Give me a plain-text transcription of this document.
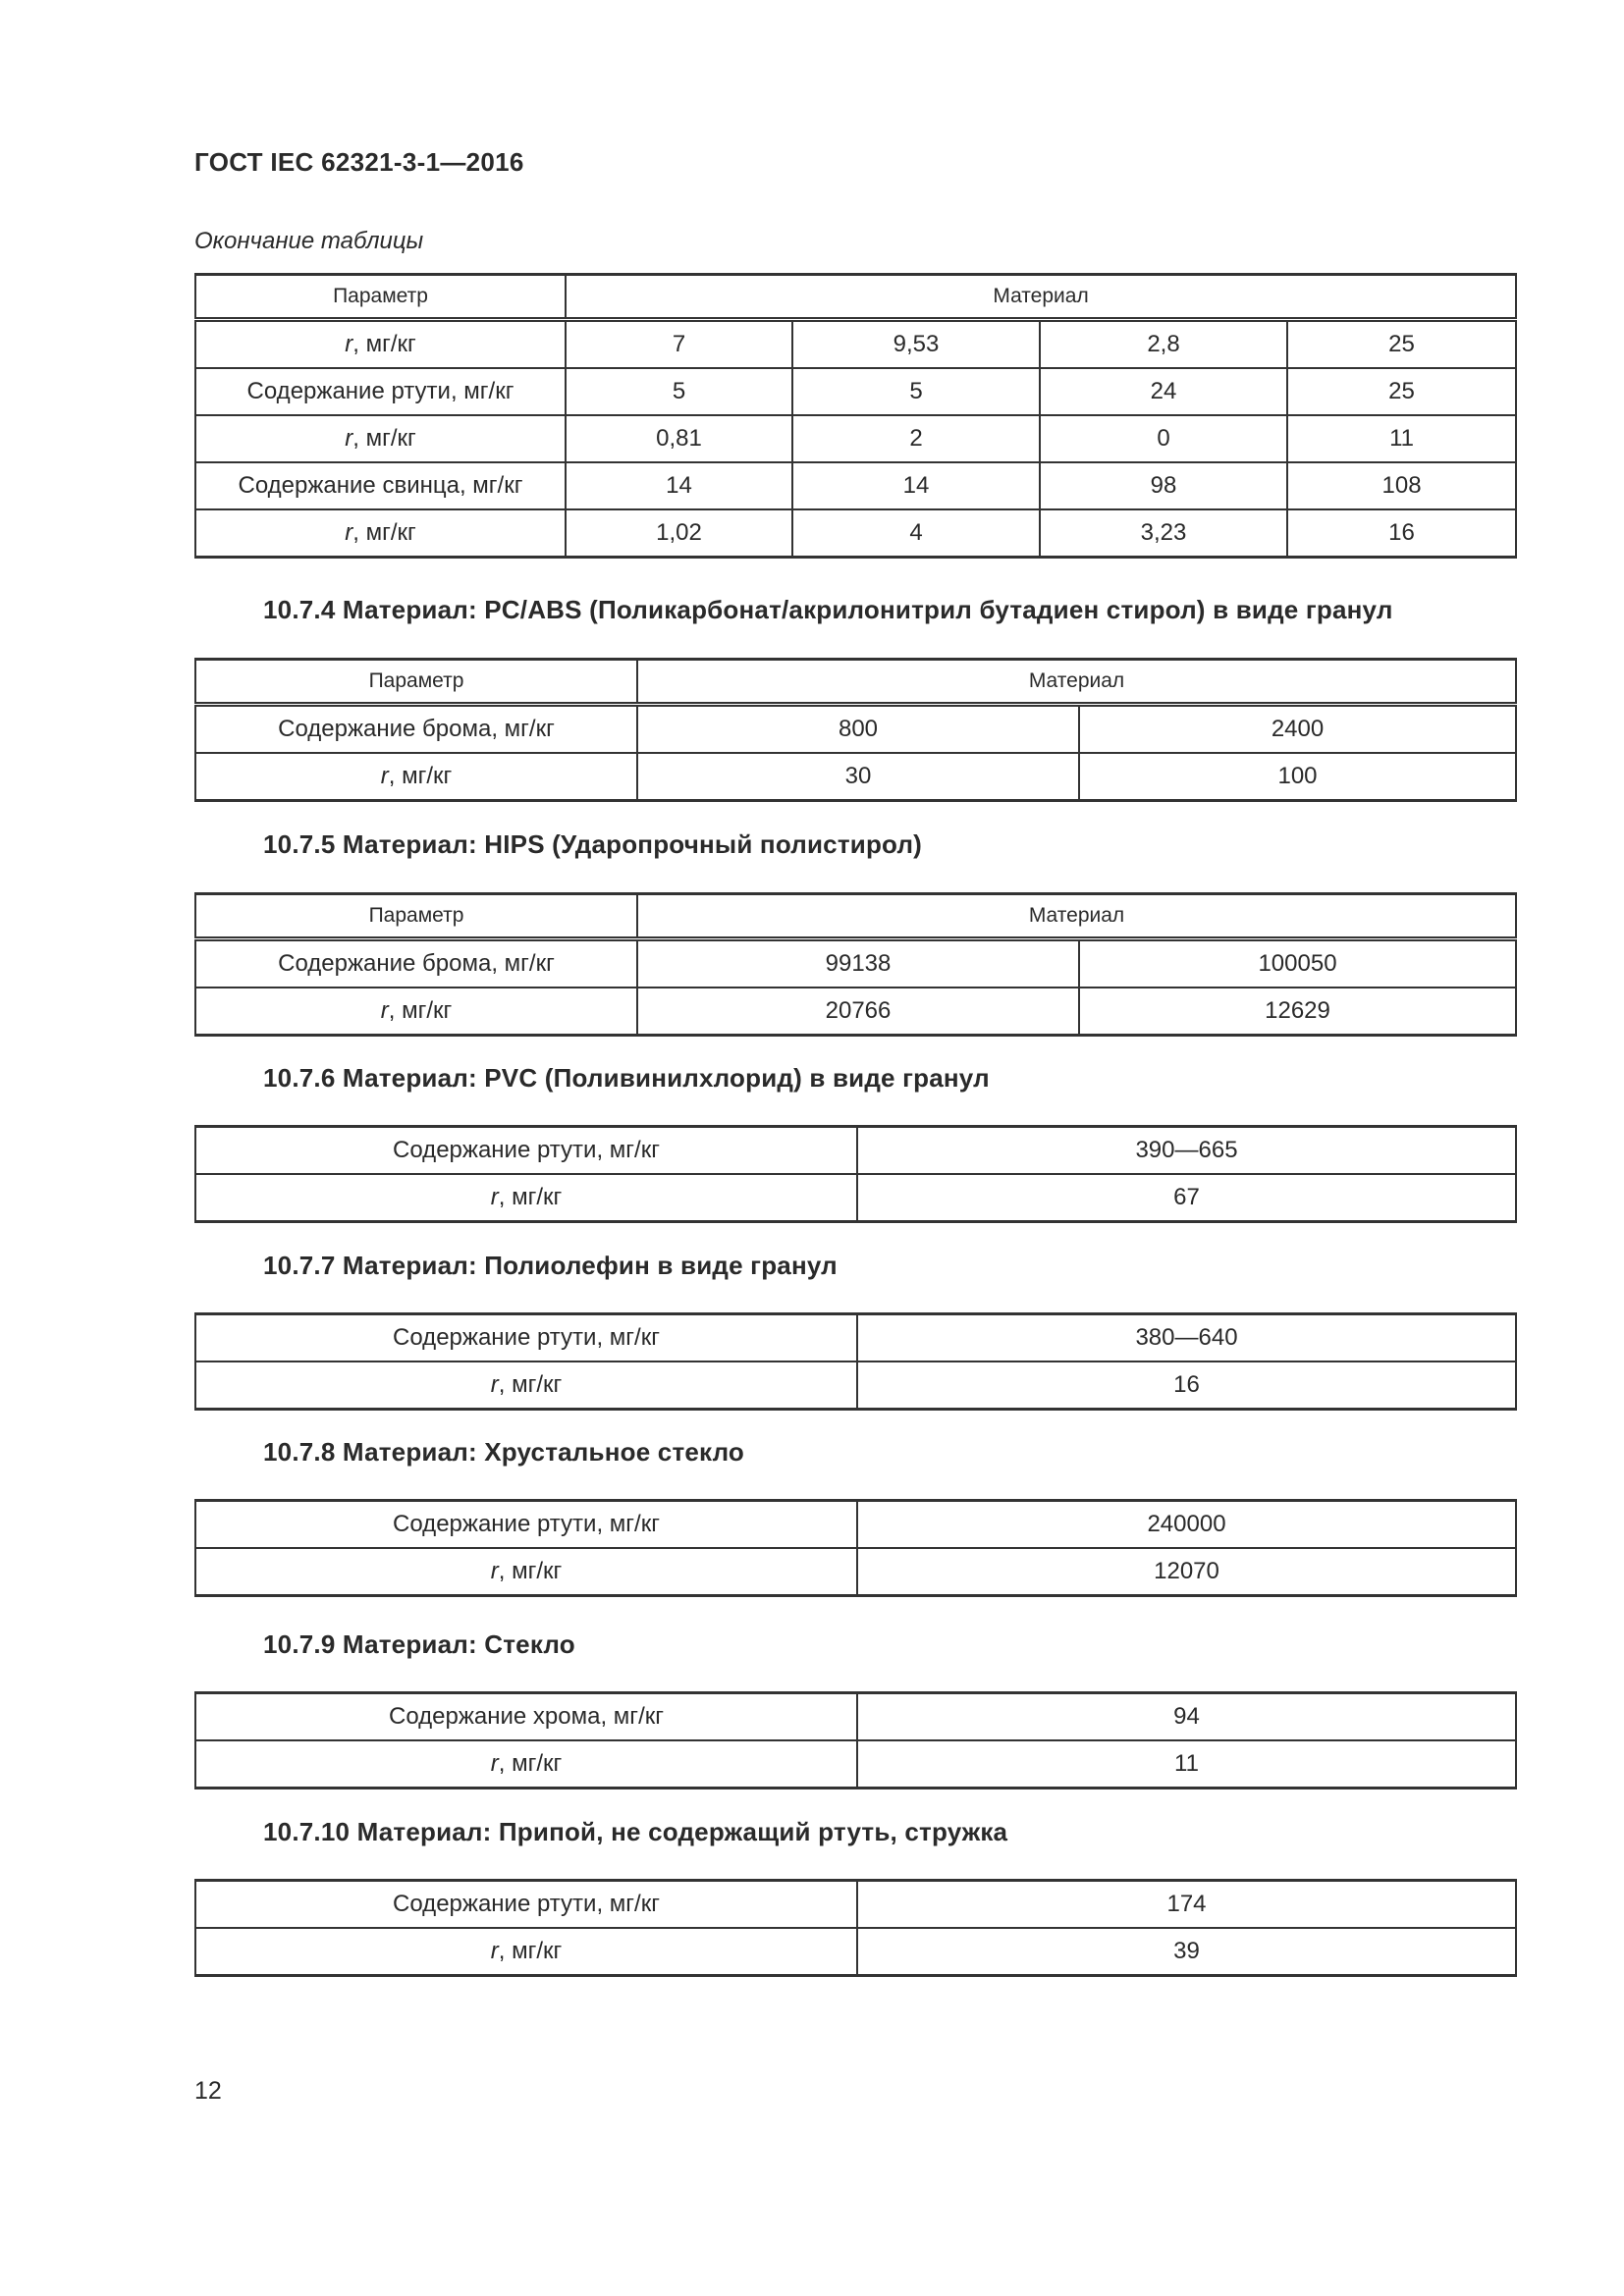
ГОСТ IEC 62321-3-1—2016
Окончание таблицы
Параметр	Материал			
r, мг/кг	7	9,53	2,8	25
Содержание ртути, мг/кг	5	5	24	25
r, мг/кг	0,81	2	0	11
Содержание свинца, мг/кг	14	14	98	108
r, мг/кг	1,02	4	3,23	16
10.7.4 Материал: PC/ABS (Поликарбонат/акрилонитрил бутадиен стирол) в виде гранул
Параметр	Материал	
Содержание брома, мг/кг	800	2400
r, мг/кг	30	100
10.7.5 Материал: HIPS (Ударопрочный полистирол)
Параметр	Материал	
Содержание брома, мг/кг	99138	100050
r, мг/кг	20766	12629
10.7.6 Материал: PVC (Поливинилхлорид) в виде гранул
Содержание ртути, мг/кг	390—665
r, мг/кг	67
10.7.7 Материал: Полиолефин в виде гранул
Содержание ртути, мг/кг	380—640
r, мг/кг	16
10.7.8 Материал: Хрустальное стекло
Содержание ртути, мг/кг	240000
r, мг/кг	12070
10.7.9 Материал: Стекло
Содержание хрома, мг/кг	94
r, мг/кг	11
10.7.10 Материал: Припой, не содержащий ртуть, стружка
Содержание ртути, мг/кг	174
r, мг/кг	39
12
